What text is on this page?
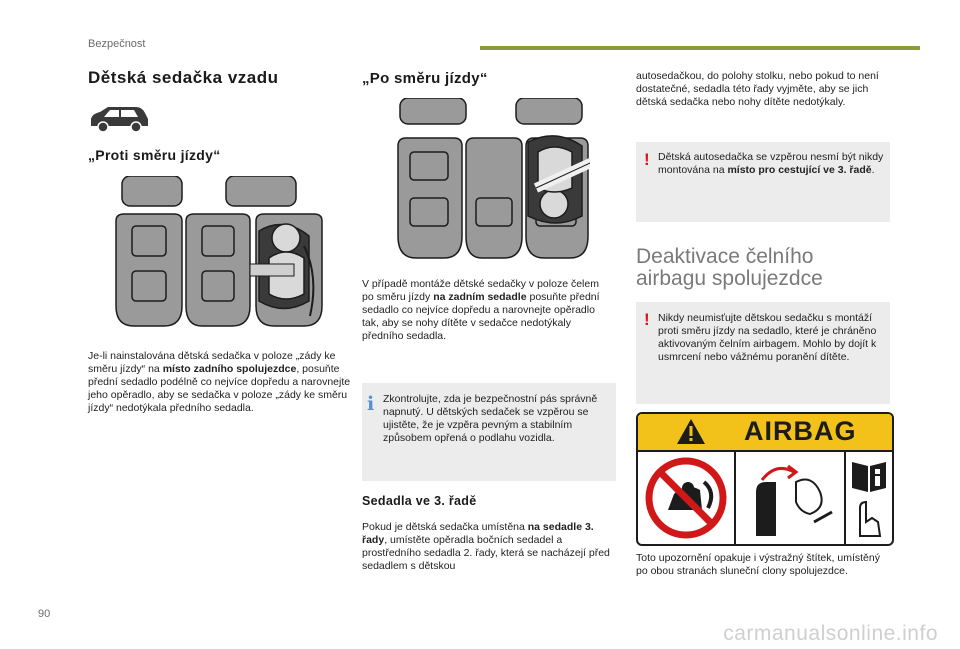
Bezpečnost
Dětská sedačka vzadu
„Proti směru jízdy“
Je-li nainstalována dětská sedačka v poloze „zády ke směru jízdy“ na místo zadního spolujezdce, posuňte přední sedadlo podélně co nejvíce dopředu a narovnejte jeho opěradlo, aby se sedačka v poloze „zády ke směru jízdy“ nedotýkala předního sedadla.
„Po směru jízdy“
V případě montáže dětské sedačky v poloze čelem po směru jízdy na zadním sedadle posuňte přední sedadlo co nejvíce dopředu a narovnejte opěradlo tak, aby se nohy dítěte v sedačce nedotýkaly předního sedadla.
i Zkontrolujte, zda je bezpečnostní pás správně napnutý. U dětských sedaček se vzpěrou se ujistěte, že je vzpěra pevným a stabilním způsobem opřená o podlahu vozidla.
Sedadla ve 3. řadě
Pokud je dětská sedačka umístěna na sedadle 3. řady, umístěte opěradla bočních sedadel a prostředního sedadla 2. řady, která se nacházejí před sedadlem s dětskou
autosedačkou, do polohy stolku, nebo pokud to není dostatečné, sedadla této řady vyjměte, aby se jich dětská sedačka nebo nohy dítěte nedotýkaly.
! Dětská autosedačka se vzpěrou nesmí být nikdy montována na místo pro cestující ve 3. řadě.
Deaktivace čelního
airbagu spolujezdce
! Nikdy neumisťujte dětskou sedačku s montáží proti směru jízdy na sedadlo, které je chráněno aktivovaným čelním airbagem. Mohlo by dojít k usmrcení nebo vážnému poranění dítěte.
AIRBAG
Toto upozornění opakuje i výstražný štítek, umístěný po obou stranách sluneční clony spolujezdce.
90
carmanualsonline.info
